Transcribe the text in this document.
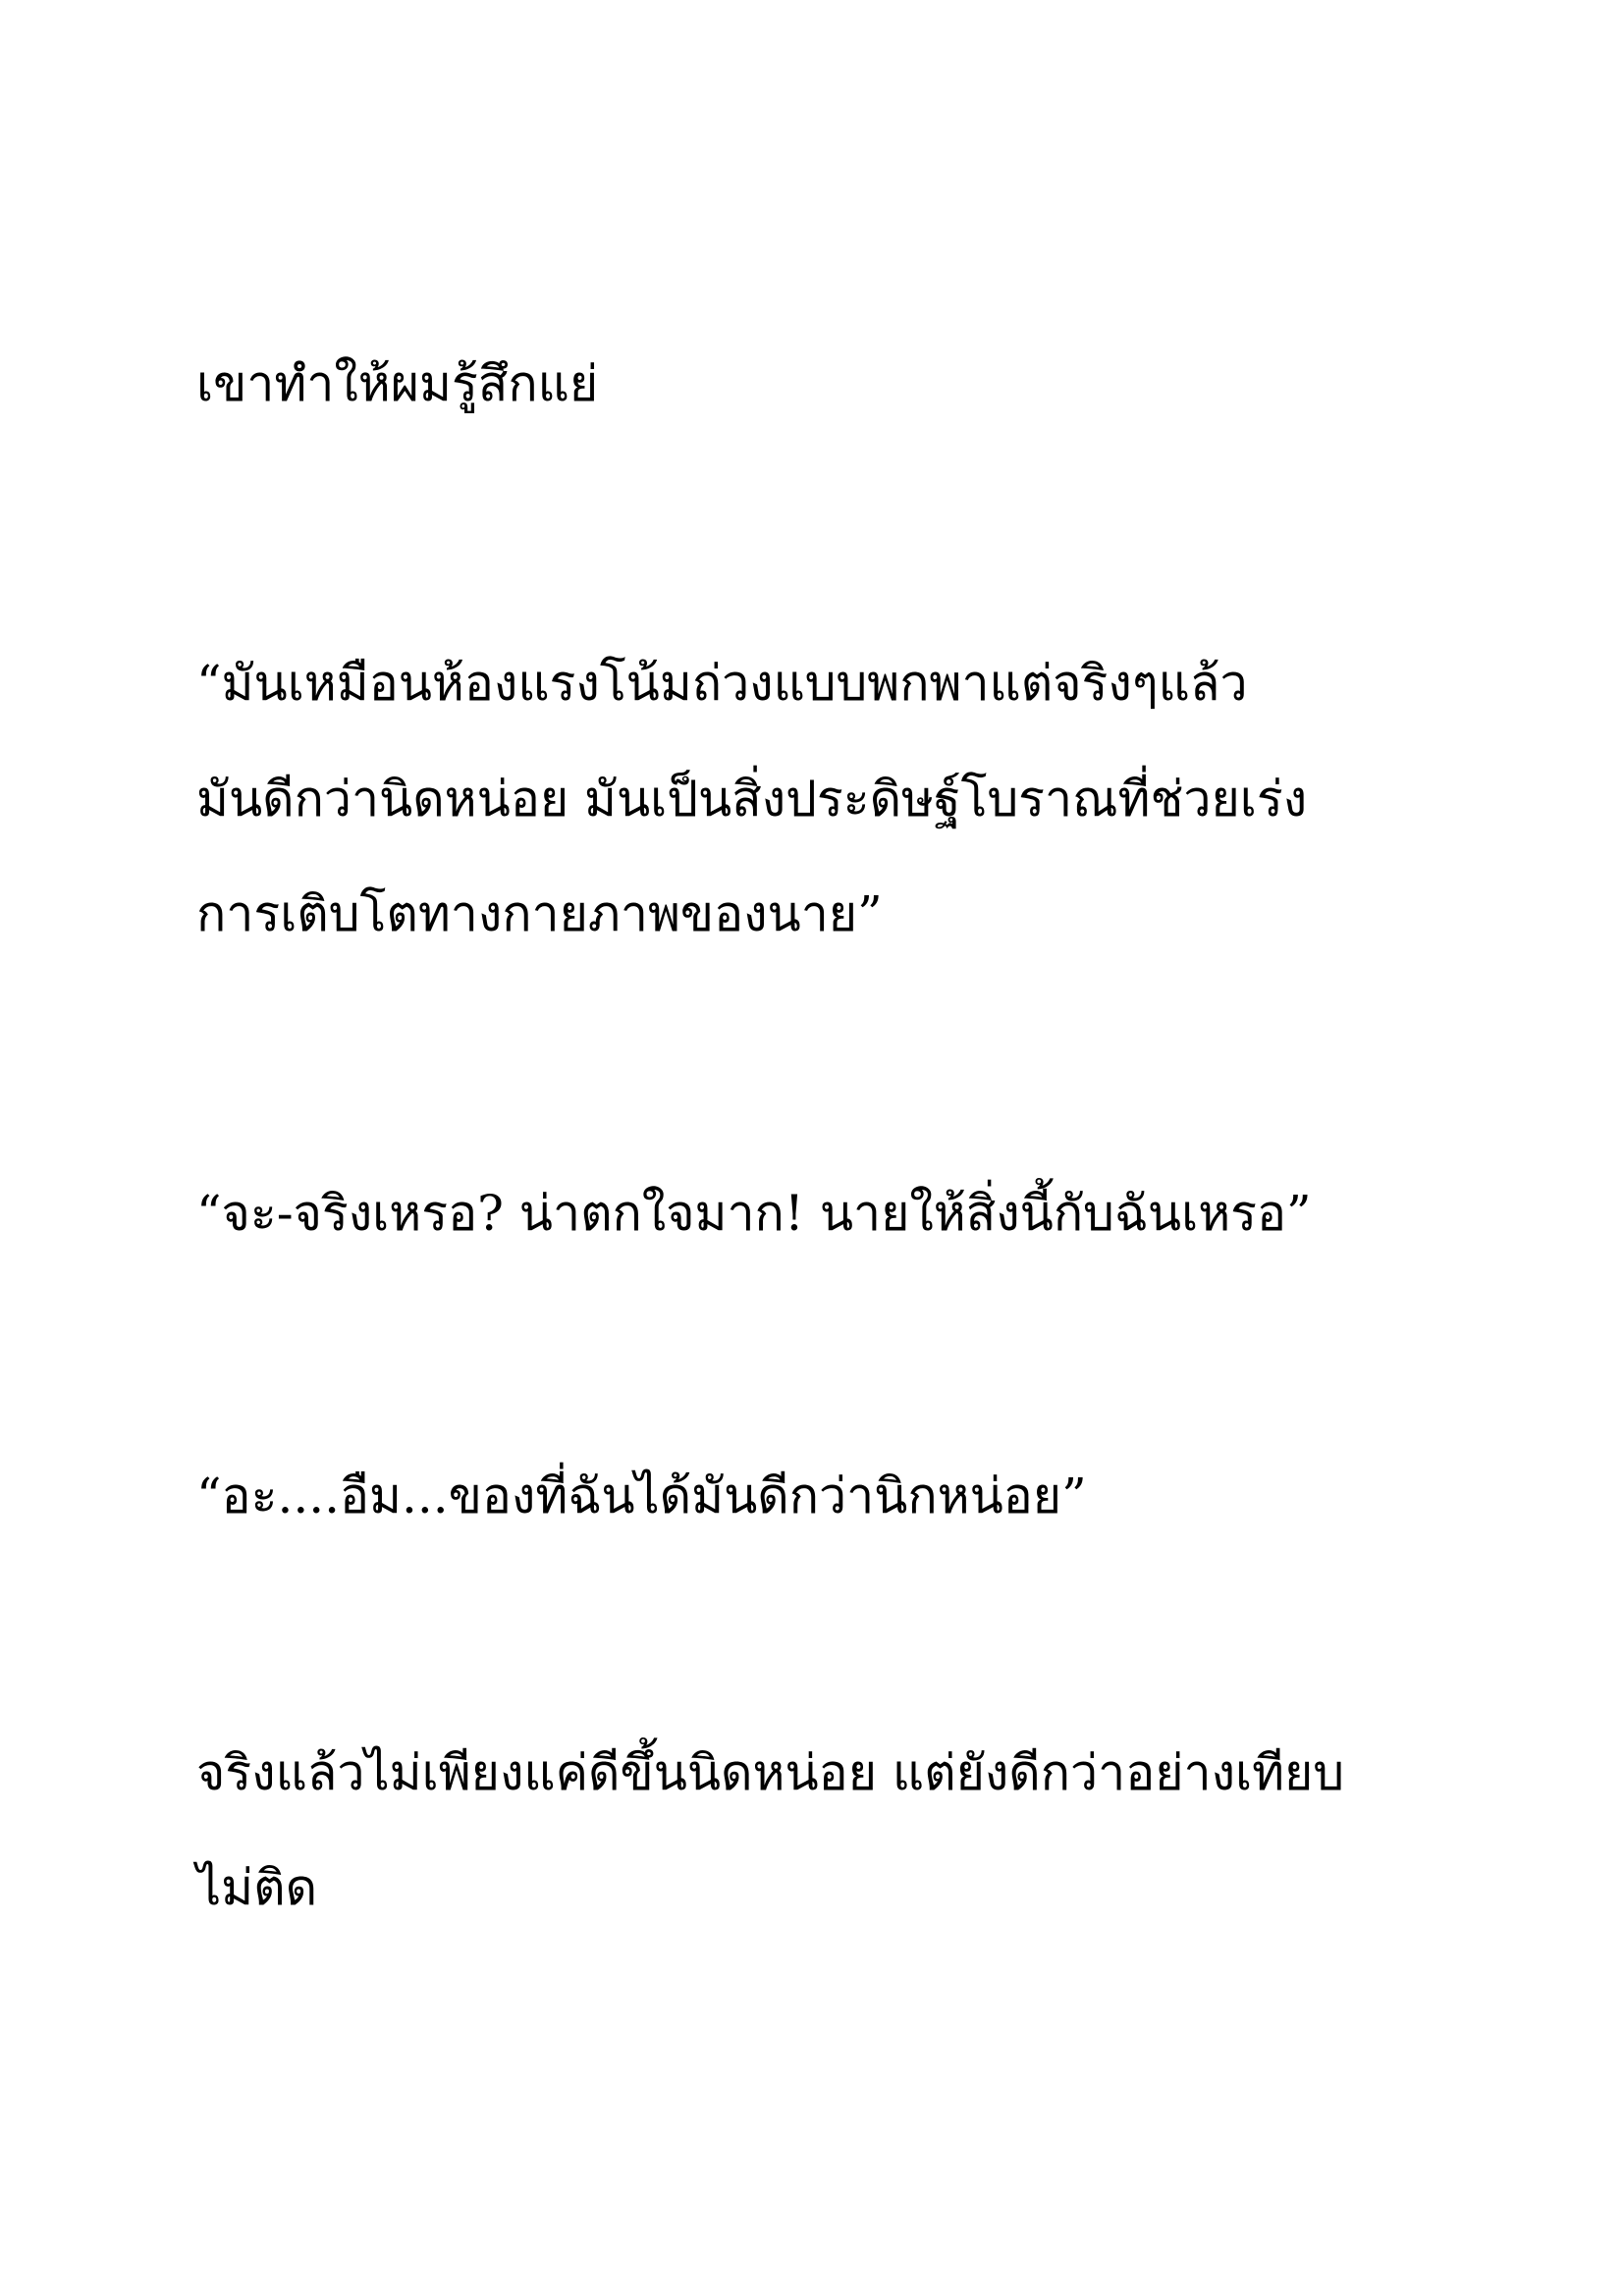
เขาทำให้ผมรู้สึกแย่
“มันเหมือนห้องแรงโน้มถ่วงแบบพกพาแต่จริงๆแล้ว
มันดีกว่านิดหน่อย มันเป็นสิ่งประดิษฐ์โบราณที่ช่วยเร่ง
การเติบโตทางกายภาพของนาย”
“จะ-จริงเหรอ? น่าตกใจมาก! นายให้สิ่งนี้กับฉันเหรอ”
“อะ....อืม...ของที่ฉันได้มันดีกว่านิกหน่อย”
จริงแล้วไม่เพียงแค่ดีขึ้นนิดหน่อย แต่ยังดีกว่าอย่างเทียบ
ไม่ติด
